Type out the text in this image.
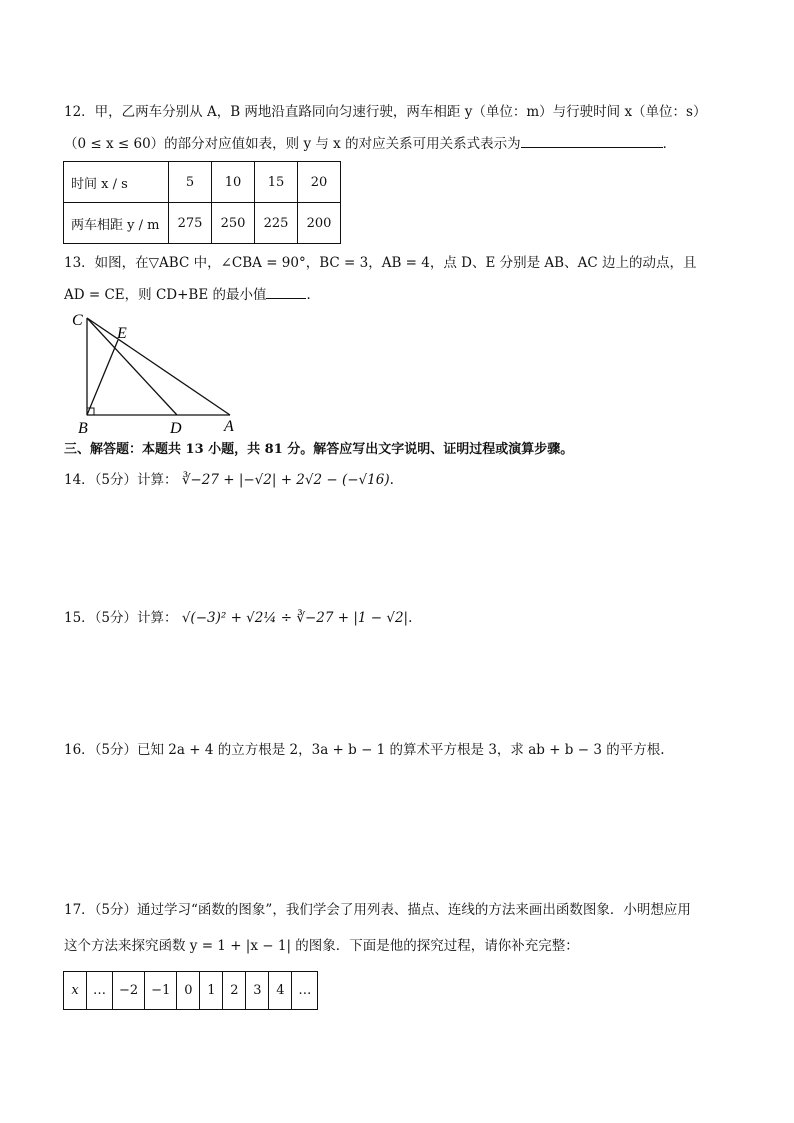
12．甲，乙两车分别从 A，B 两地沿直路同向匀速行驶，两车相距 y（单位：m）与行驶时间 x（单位：s）
（0 ≤ x ≤ 60）的部分对应值如表，则 y 与 x 的对应关系可用关系式表示为	．
时间 x / s	5	10	15	20
两车相距 y / m	275	250	225	200
13．如图，在▽ABC 中，∠CBA = 90°，BC = 3，AB = 4，点 D、E 分别是 AB、AC 边上的动点，且
AD = CE，则 CD+BE 的最小值	．
C
E
B	D	A
三、解答题：本题共 13 小题，共 81 分。解答应写出文字说明、证明过程或演算步骤。
14．（5分）计算： ∛−27 + |−√2| + 2√2 − (−√16).
15．（5分）计算： √(−3)² + √2¼ ÷ ∛−27 + |1 − √2|.
16．（5分）已知 2a + 4 的立方根是 2，3a + b − 1 的算术平方根是 3，求 ab + b − 3 的平方根.
17．（5分）通过学习“函数的图象”，我们学会了用列表、描点、连线的方法来画出函数图象．小明想应用
这个方法来探究函数 y = 1 + |x − 1| 的图象．下面是他的探究过程，请你补充完整：
x	…	−2	−1	0	1	2	3	4	…
